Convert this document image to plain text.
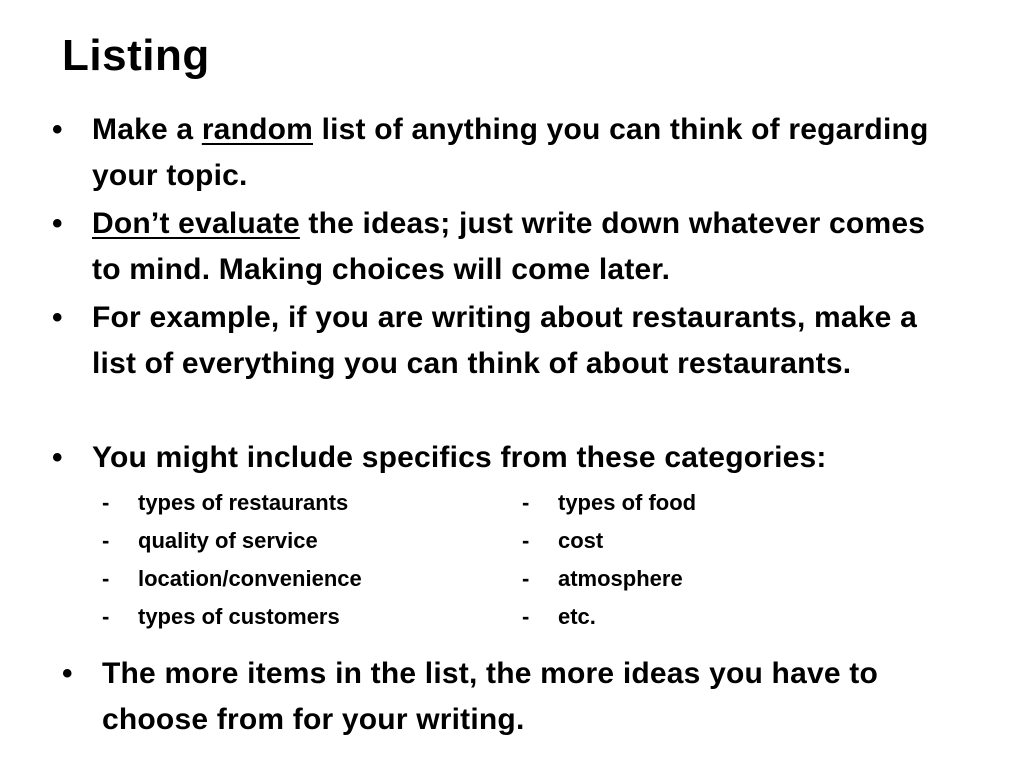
Listing
• Make a random list of anything you can think of regarding your topic.
• Don’t evaluate the ideas; just write down whatever comes to mind. Making choices will come later.
• For example, if you are writing about restaurants, make a list of everything you can think of about restaurants.
• You might include specifics from these categories:
- types of restaurants
- quality of service
- location/convenience
- types of customers
- types of food
- cost
- atmosphere
- etc.
• The more items in the list, the more ideas you have to choose from for your writing.
